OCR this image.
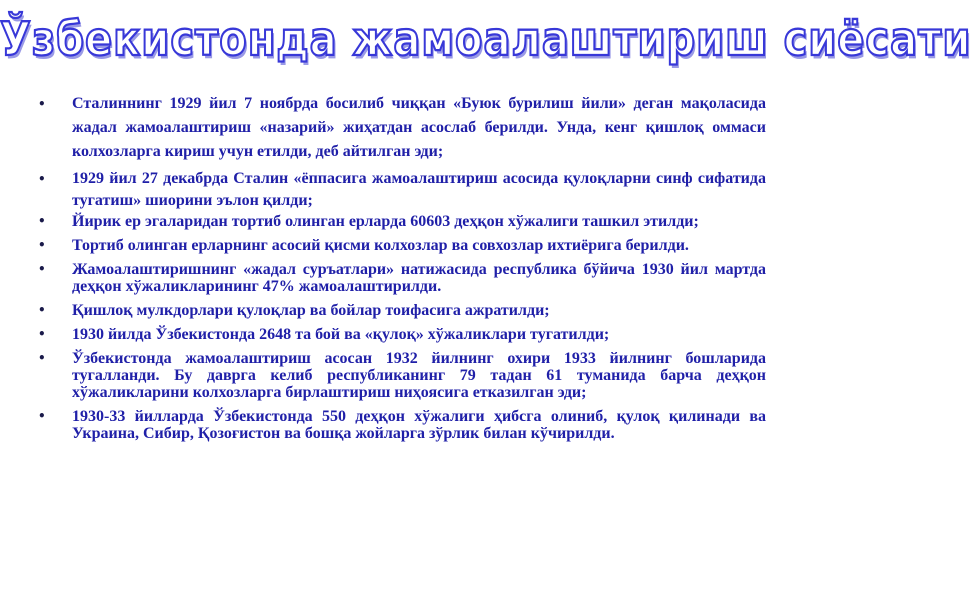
Ўзбекистонда жамоалаштириш сиёсати
• Сталиннинг 1929 йил 7 ноябрда босилиб чиққан «Буюк бурилиш йили» деган мақоласида жадал жамоалаштириш «назарий» жиҳатдан асослаб берилди. Унда, кенг қишлоқ оммаси колхозларга кириш учун етилди, деб айтилган эди;
• 1929 йил 27 декабрда Сталин «ёппасига жамоалаштириш асосида қулоқларни синф сифатида тугатиш» шиорини эълон қилди;
• Йирик ер эгаларидан тортиб олинган ерларда 60603 деҳқон хўжалиги ташкил этилди;
• Тортиб олинган ерларнинг асосий қисми колхозлар ва совхозлар ихтиёрига берилди.
• Жамоалаштиришнинг «жадал суръатлари» натижасида республика бўйича 1930 йил мартда деҳқон хўжаликларининг 47% жамоалаштирилди.
• Қишлоқ мулкдорлари қулоқлар ва бойлар тоифасига ажратилди;
• 1930 йилда Ўзбекистонда 2648 та бой ва «қулоқ» хўжаликлари тугатилди;
• Ўзбекистонда жамоалаштириш асосан 1932 йилнинг охири 1933 йилнинг бошларида тугалланди. Бу даврга келиб республиканинг 79 тадан 61 туманида барча деҳқон хўжаликларини колхозларга бирлаштириш ниҳоясига етказилган эди;
• 1930-33 йилларда Ўзбекистонда 550 деҳқон хўжалиги ҳибсга олиниб, қулоқ қилинади ва Украина, Сибир, Қозоғистон ва бошқа жойларга зўрлик билан кўчирилди.
